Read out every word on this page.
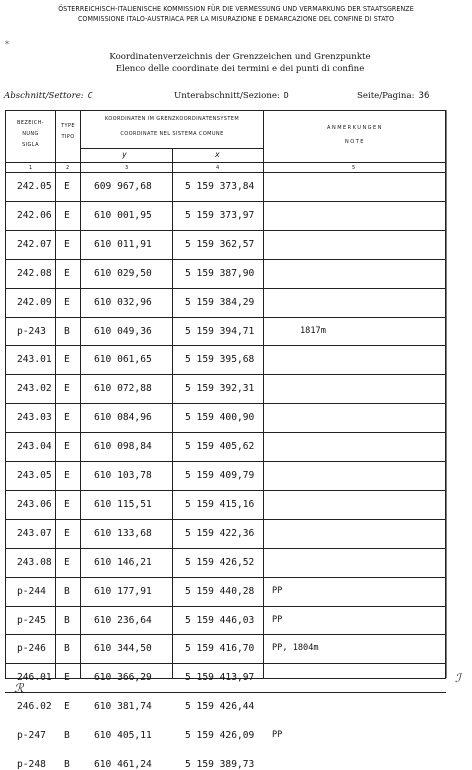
ÖSTERREICHISCH-ITALIENISCHE KOMMISSION FÜR DIE VERMESSUNG UND VERMARKUNG DER STAATSGRENZE
COMMISSIONE ITALO-AUSTRIACA PER LA MISURAZIONE E DEMARCAZIONE DEL CONFINE DI STATO
*
Koordinatenverzeichnis der Grenzzeichen und Grenzpunkte
Elenco delle coordinate dei termini e dei punti di confine
Abschnitt/Settore: C	Unterabschnitt/Sezione: D	Seite/Pagina: 36
BEZEICH-
NUNG
SIGLA
TYPE
TIPO
KOORDINATEN IM GRENZKOORDINATENSYSTEM
COORDINATE NEL SISTEMA COMUNE
ANMERKUNGEN
NOTE
y	x
1	2	3	4	5
242.05 E	609 967,68	5 159 373,84
242.06 E	610 001,95	5 159 373,97
242.07 E	610 011,91	5 159 362,57
242.08 E	610 029,50	5 159 387,90
242.09 E	610 032,96	5 159 384,29
p-243 B	610 049,36	5 159 394,71	1817m
243.01 E	610 061,65	5 159 395,68
243.02 E	610 072,88	5 159 392,31
243.03 E	610 084,96	5 159 400,90
243.04 E	610 098,84	5 159 405,62
243.05 E	610 103,78	5 159 409,79
243.06 E	610 115,51	5 159 415,16
243.07 E	610 133,68	5 159 422,36
243.08 E	610 146,21	5 159 426,52
p-244 B	610 177,91	5 159 440,28 PP
p-245 B	610 236,64	5 159 446,03 PP
p-246 B	610 344,50	5 159 416,70 PP, 1804m
246.01 E	610 366,29	5 159 413,97
246.02 E	610 381,74	5 159 426,44
p-247 B	610 405,11	5 159 426,09 PP
p-248 B	610 461,24	5 159 389,73
ℛ
ℐ
